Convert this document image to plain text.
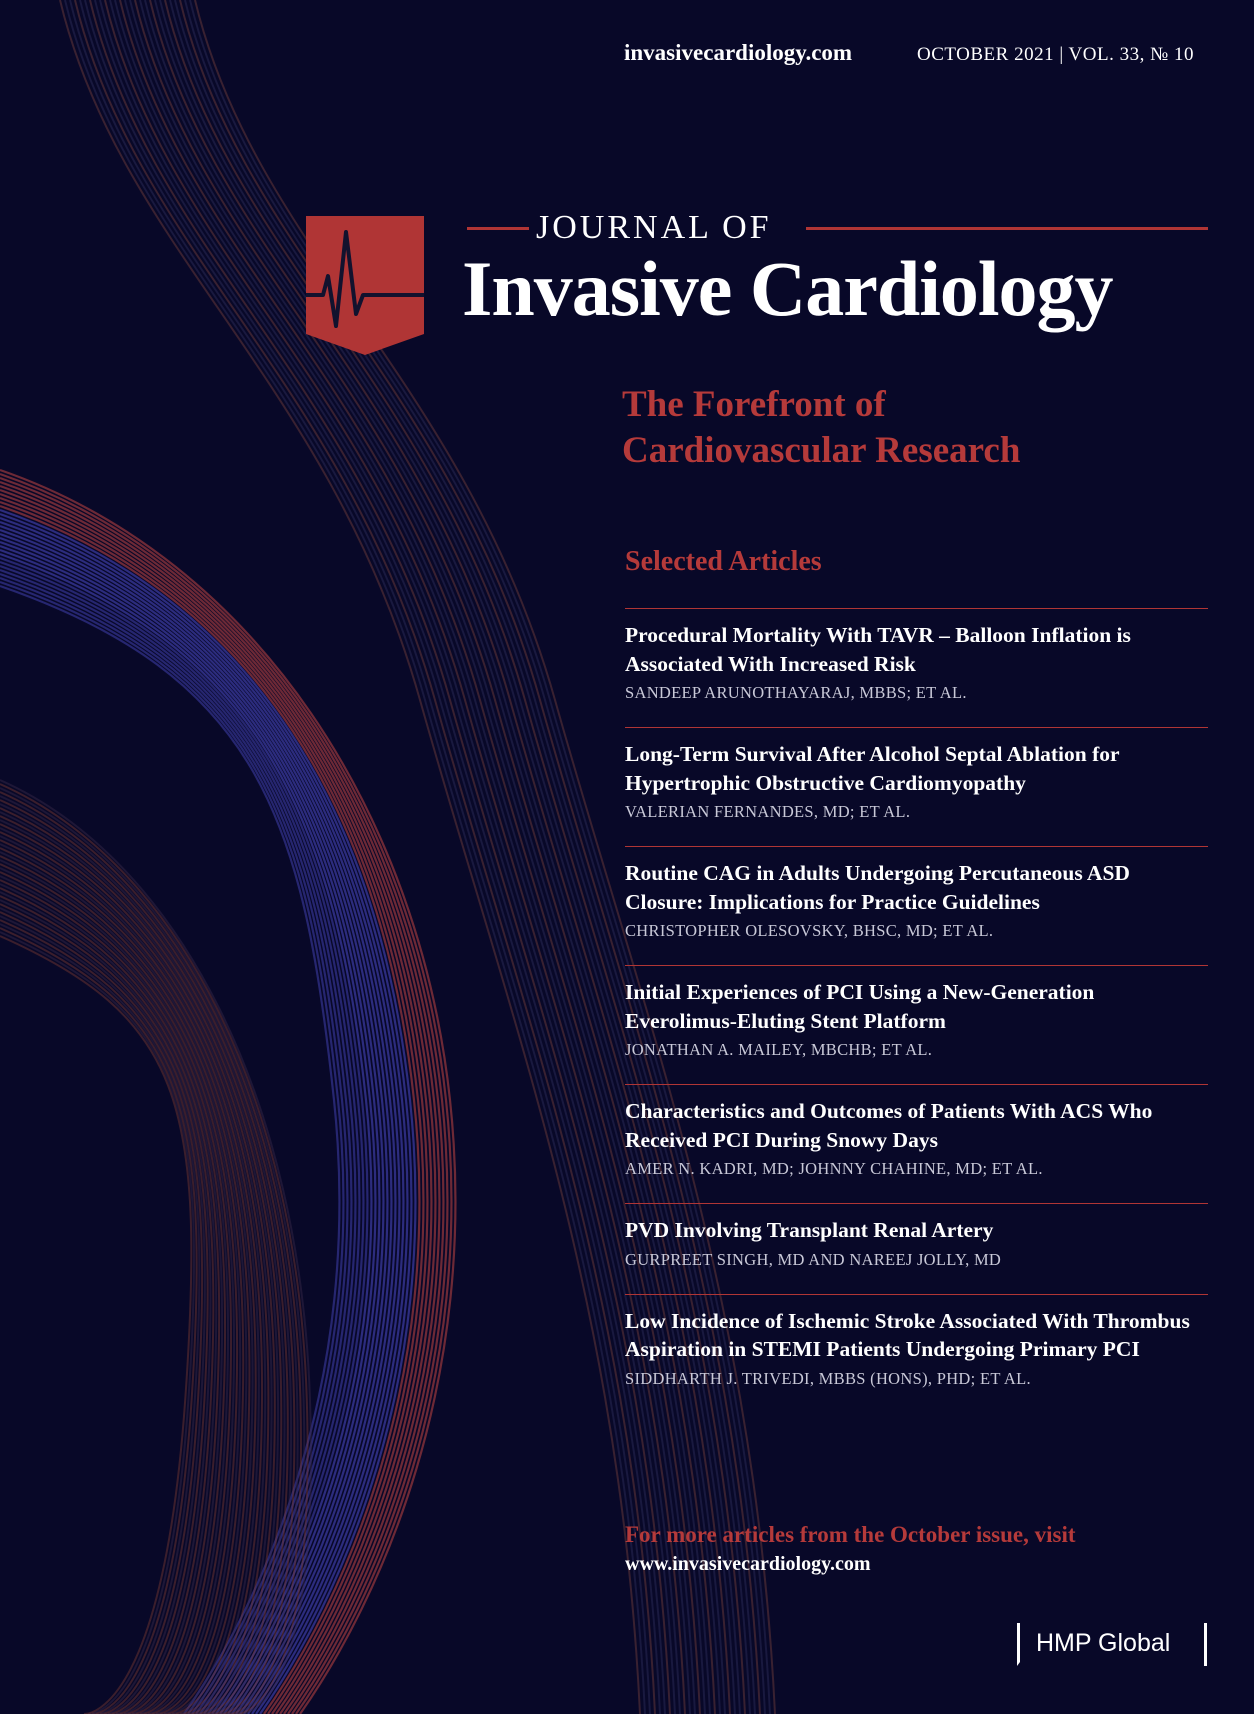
invasivecardiology.com	OCTOBER 2021 | VOL. 33, № 10
JOURNAL OF
Invasive Cardiology
The Forefront of
Cardiovascular Research
Selected Articles
Procedural Mortality With TAVR – Balloon Inflation is Associated With Increased Risk
SANDEEP ARUNOTHAYARAJ, MBBS; ET AL.
Long-Term Survival After Alcohol Septal Ablation for Hypertrophic Obstructive Cardiomyopathy
VALERIAN FERNANDES, MD; ET AL.
Routine CAG in Adults Undergoing Percutaneous ASD Closure: Implications for Practice Guidelines
CHRISTOPHER OLESOVSKY, BHSC, MD; ET AL.
Initial Experiences of PCI Using a New-Generation Everolimus-Eluting Stent Platform
JONATHAN A. MAILEY, MBCHB; ET AL.
Characteristics and Outcomes of Patients With ACS Who Received PCI During Snowy Days
AMER N. KADRI, MD; JOHNNY CHAHINE, MD; ET AL.
PVD Involving Transplant Renal Artery
GURPREET SINGH, MD AND NAREEJ JOLLY, MD
Low Incidence of Ischemic Stroke Associated With Thrombus Aspiration in STEMI Patients Undergoing Primary PCI
SIDDHARTH J. TRIVEDI, MBBS (HONS), PHD; ET AL.
For more articles from the October issue, visit
www.invasivecardiology.com
HMP Global
